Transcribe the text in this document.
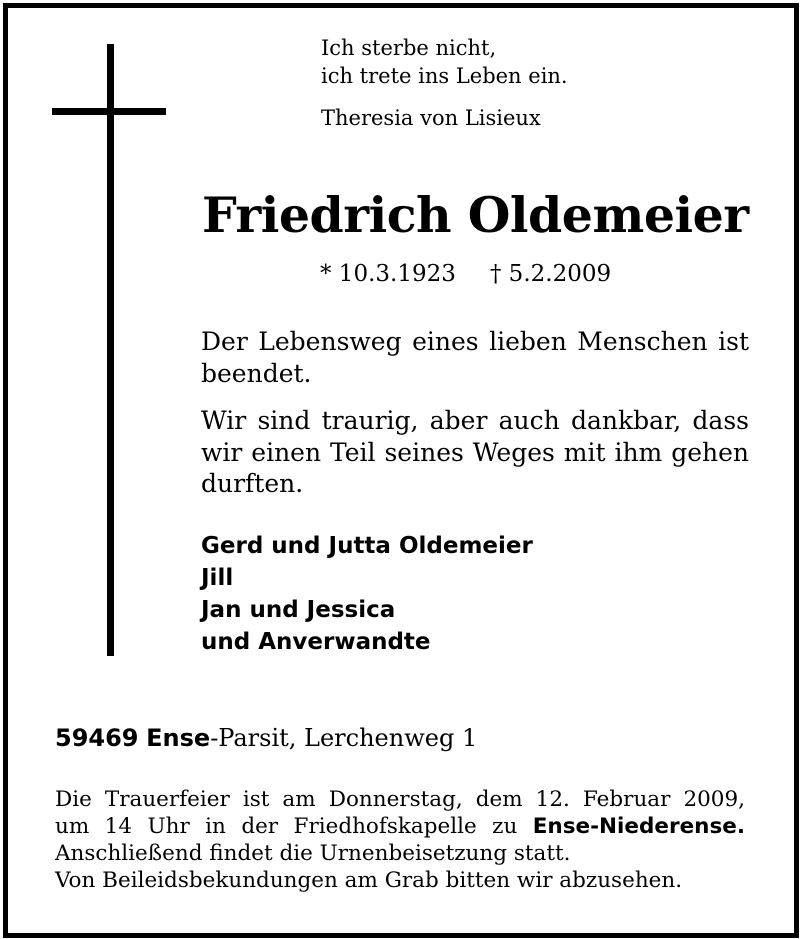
Ich sterbe nicht,
ich trete ins Leben ein.
Theresia von Lisieux
Friedrich Oldemeier
* 10.3.1923 † 5.2.2009
Der Lebensweg eines lieben Menschen ist
beendet.
Wir sind traurig, aber auch dankbar, dass
wir einen Teil seines Weges mit ihm gehen
durften.
Gerd und Jutta Oldemeier
Jill
Jan und Jessica
und Anverwandte
59469 Ense-Parsit, Lerchenweg 1
Die Trauerfeier ist am Donnerstag, dem 12. Februar 2009,
um 14 Uhr in der Friedhofskapelle zu Ense-Niederense.
Anschließend findet die Urnenbeisetzung statt.
Von Beileidsbekundungen am Grab bitten wir abzusehen.
